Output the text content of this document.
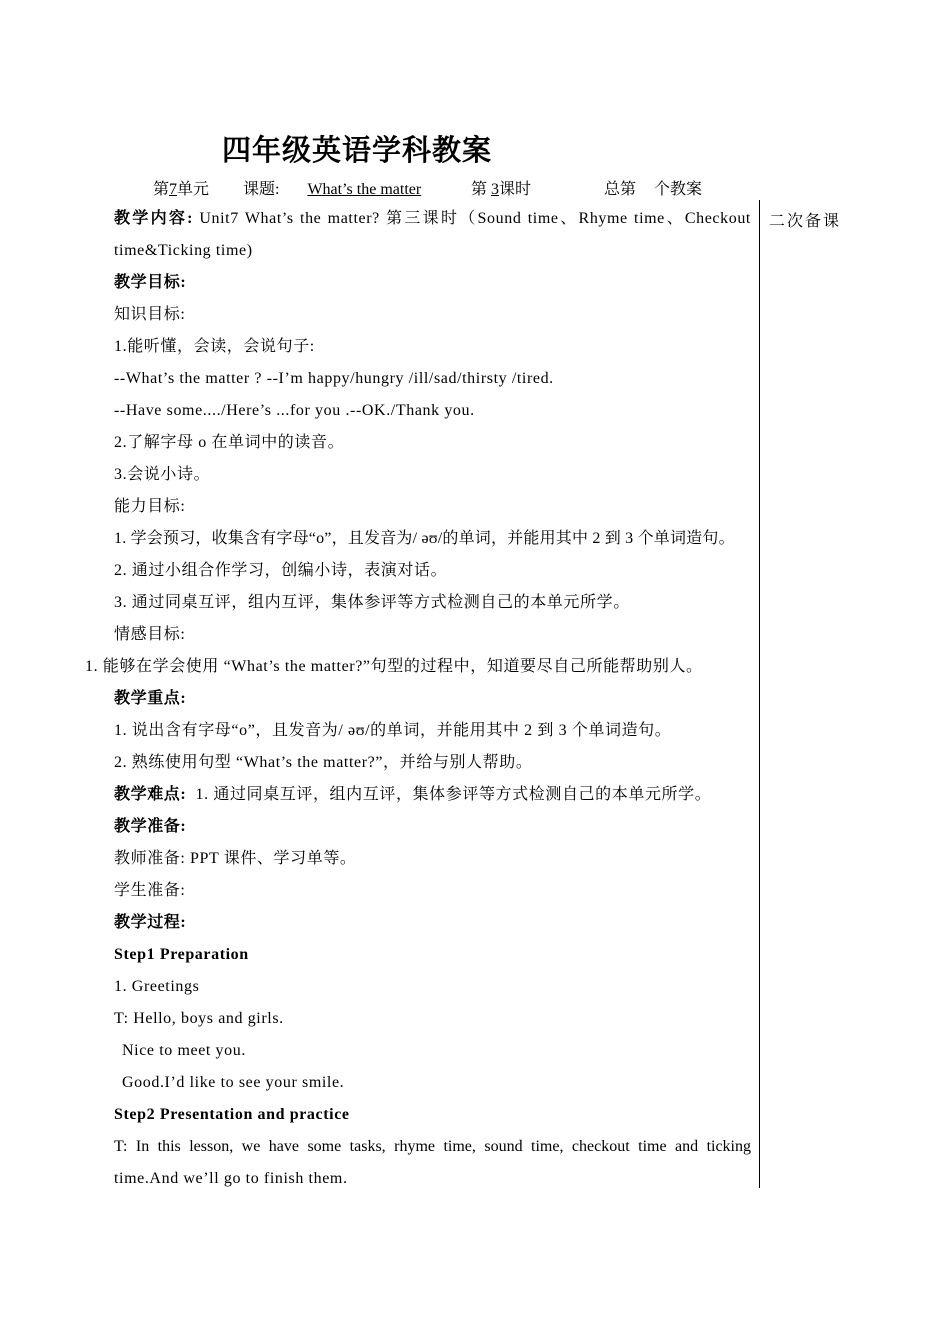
四年级英语学科教案
第7单元 课题: What’s the matter	第 3课时	总第 个教案
二次备课
教学内容: Unit7 What’s the matter? 第三课时（Sound time、Rhyme time、Checkout
time&Ticking time)
教学目标:
知识目标:
1.能听懂，会读，会说句子:
--What’s the matter ? --I’m happy/hungry /ill/sad/thirsty /tired.
--Have some..../Here’s ...for you .--OK./Thank you.
2.了解字母 o 在单词中的读音。
3.会说小诗。
能力目标:
1. 学会预习，收集含有字母“o”，且发音为/ əʊ/的单词，并能用其中 2 到 3 个单词造句。
2. 通过小组合作学习，创编小诗，表演对话。
3. 通过同桌互评，组内互评，集体参评等方式检测自己的本单元所学。
情感目标:
1. 能够在学会使用 “What’s the matter?”句型的过程中，知道要尽自己所能帮助别人。
教学重点:
1. 说出含有字母“o”，且发音为/ əʊ/的单词，并能用其中 2 到 3 个单词造句。
2. 熟练使用句型 “What’s the matter?”，并给与别人帮助。
教学难点: 1. 通过同桌互评，组内互评，集体参评等方式检测自己的本单元所学。
教学准备:
教师准备: PPT 课件、学习单等。
学生准备:
教学过程:
Step1 Preparation
1. Greetings
T: Hello, boys and girls.
Nice to meet you.
Good.I’d like to see your smile.
Step2 Presentation and practice
T: In this lesson, we have some tasks, rhyme time, sound time, checkout time and ticking
time.And we’ll go to finish them.
